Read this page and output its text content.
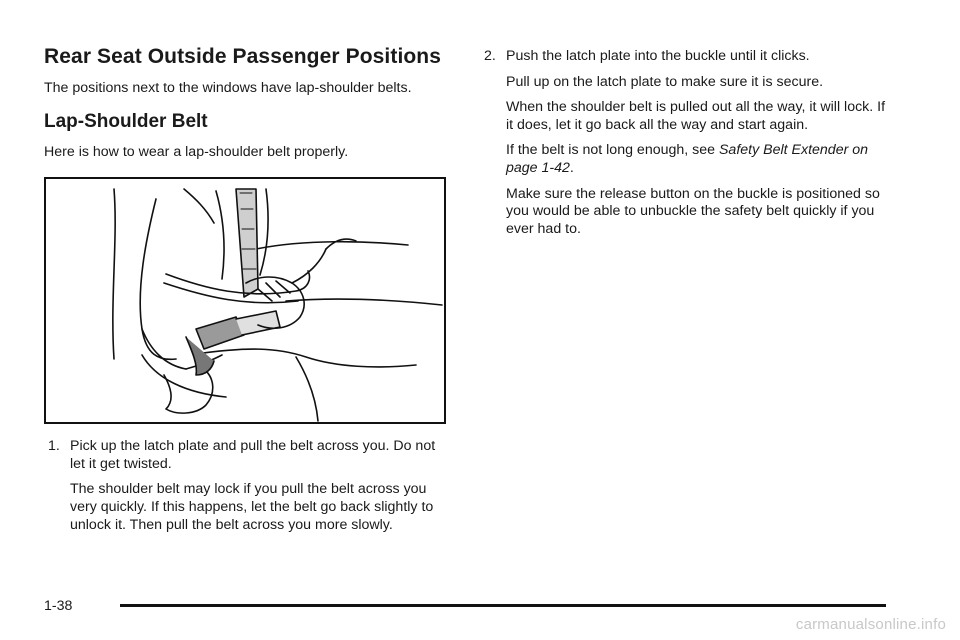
Rear Seat Outside Passenger Positions

The positions next to the windows have lap-shoulder belts.

Lap-Shoulder Belt

Here is how to wear a lap-shoulder belt properly.

1. Pick up the latch plate and pull the belt across you. Do not let it get twisted.

The shoulder belt may lock if you pull the belt across you very quickly. If this happens, let the belt go back slightly to unlock it. Then pull the belt across you more slowly.

2. Push the latch plate into the buckle until it clicks.

Pull up on the latch plate to make sure it is secure.

When the shoulder belt is pulled out all the way, it will lock. If it does, let it go back all the way and start again.

If the belt is not long enough, see Safety Belt Extender on page 1-42.

Make sure the release button on the buckle is positioned so you would be able to unbuckle the safety belt quickly if you ever had to.

1-38
carmanualsonline.info
